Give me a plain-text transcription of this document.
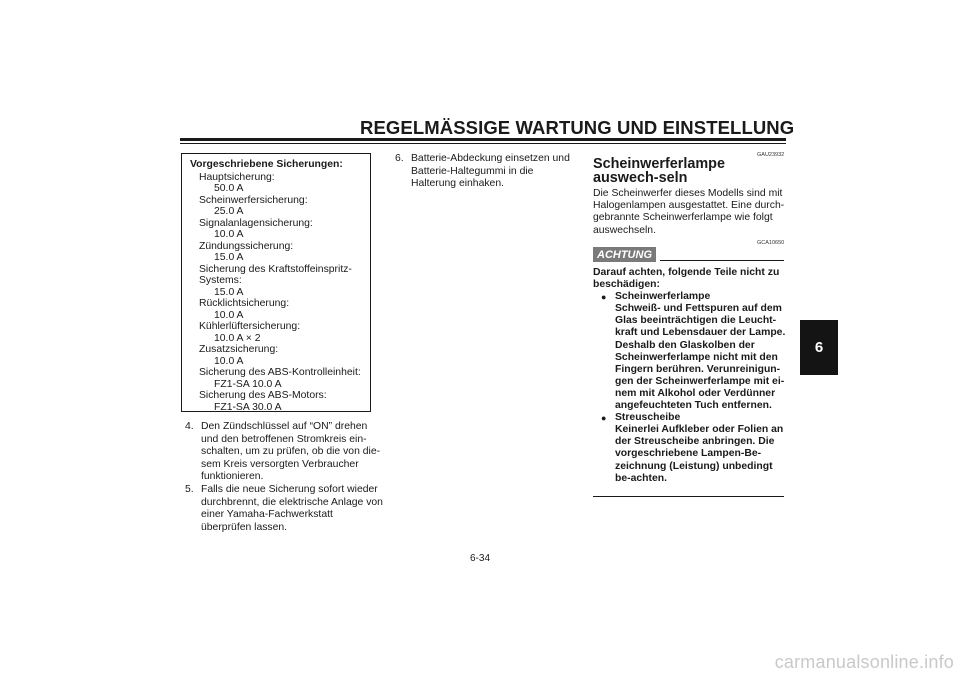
REGELMÄSSIGE WARTUNG UND EINSTELLUNG
6
Vorgeschriebene Sicherungen:
Hauptsicherung:
50.0 A
Scheinwerfersicherung:
25.0 A
Signalanlagensicherung:
10.0 A
Zündungssicherung:
15.0 A
Sicherung des Kraftstoffeinspritz-
Systems:
15.0 A
Rücklichtsicherung:
10.0 A
Kühlerlüftersicherung:
10.0 A × 2
Zusatzsicherung:
10.0 A
Sicherung des ABS-Kontrolleinheit:
FZ1-SA 10.0 A
Sicherung des ABS-Motors:
FZ1-SA 30.0 A
4. Den Zündschlüssel auf “ON” drehen und den betroffenen Stromkreis ein-schalten, um zu prüfen, ob die von die-sem Kreis versorgten Verbraucher funktionieren.
5. Falls die neue Sicherung sofort wieder durchbrennt, die elektrische Anlage von einer Yamaha-Fachwerkstatt überprüfen lassen.
6. Batterie-Abdeckung einsetzen und Batterie-Haltegummi in die Halterung einhaken.
GAU23932
Scheinwerferlampe auswech-seln
Die Scheinwerfer dieses Modells sind mit Halogenlampen ausgestattet. Eine durch-gebrannte Scheinwerferlampe wie folgt auswechseln.
GCA10650
ACHTUNG
Darauf achten, folgende Teile nicht zu beschädigen:
● Scheinwerferlampe
Schweiß- und Fettspuren auf dem Glas beeinträchtigen die Leucht-kraft und Lebensdauer der Lampe. Deshalb den Glaskolben der Scheinwerferlampe nicht mit den Fingern berühren. Verunreinigun-gen der Scheinwerferlampe mit ei-nem mit Alkohol oder Verdünner angefeuchteten Tuch entfernen.
● Streuscheibe
Keinerlei Aufkleber oder Folien an der Streuscheibe anbringen. Die vorgeschriebene Lampen-Be-zeichnung (Leistung) unbedingt be-achten.
6-34
carmanualsonline.info
